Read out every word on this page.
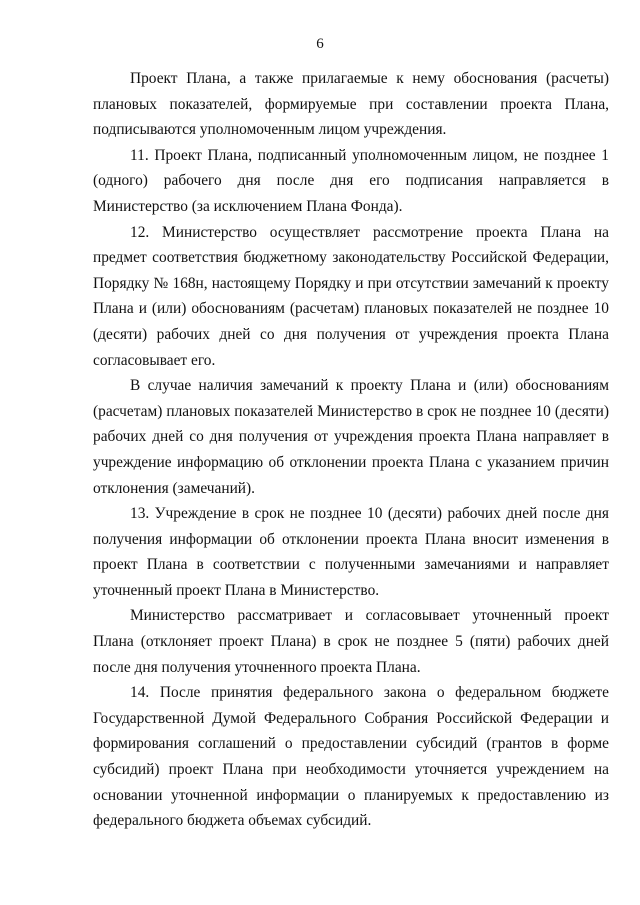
6

Проект Плана, а также прилагаемые к нему обоснования (расчеты) плановых показателей, формируемые при составлении проекта Плана, подписываются уполномоченным лицом учреждения.

11. Проект Плана, подписанный уполномоченным лицом, не позднее 1 (одного) рабочего дня после дня его подписания направляется в Министерство (за исключением Плана Фонда).

12. Министерство осуществляет рассмотрение проекта Плана на предмет соответствия бюджетному законодательству Российской Федерации, Порядку № 168н, настоящему Порядку и при отсутствии замечаний к проекту Плана и (или) обоснованиям (расчетам) плановых показателей не позднее 10 (десяти) рабочих дней со дня получения от учреждения проекта Плана согласовывает его.

В случае наличия замечаний к проекту Плана и (или) обоснованиям (расчетам) плановых показателей Министерство в срок не позднее 10 (десяти) рабочих дней со дня получения от учреждения проекта Плана направляет в учреждение информацию об отклонении проекта Плана с указанием причин отклонения (замечаний).

13. Учреждение в срок не позднее 10 (десяти) рабочих дней после дня получения информации об отклонении проекта Плана вносит изменения в проект Плана в соответствии с полученными замечаниями и направляет уточненный проект Плана в Министерство.

Министерство рассматривает и согласовывает уточненный проект Плана (отклоняет проект Плана) в срок не позднее 5 (пяти) рабочих дней после дня получения уточненного проекта Плана.

14. После принятия федерального закона о федеральном бюджете Государственной Думой Федерального Собрания Российской Федерации и формирования соглашений о предоставлении субсидий (грантов в форме субсидий) проект Плана при необходимости уточняется учреждением на основании уточненной информации о планируемых к предоставлению из федерального бюджета объемах субсидий.
